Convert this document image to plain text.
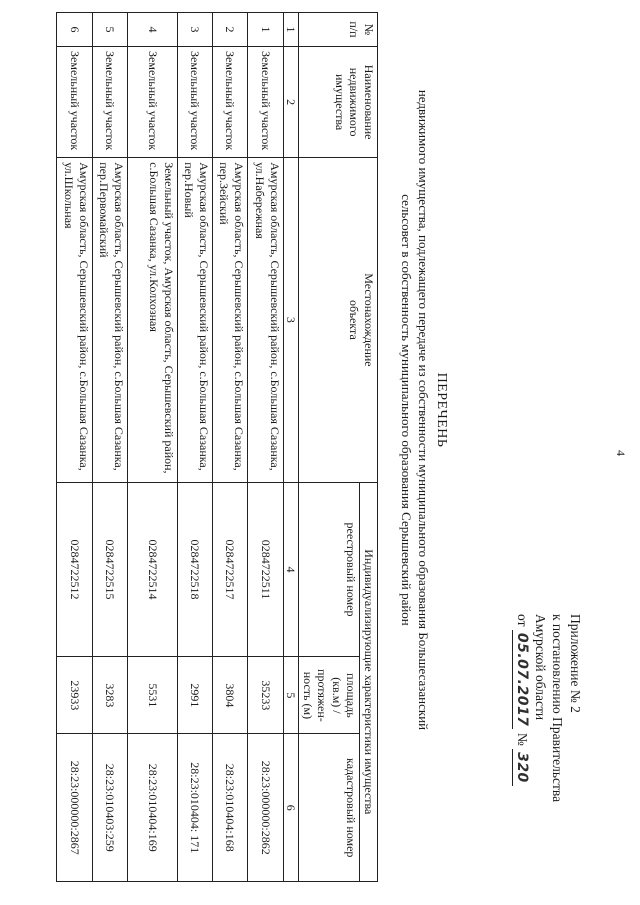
4
Приложение № 2
к постановлению Правительства
Амурской области
от 05.07.2017 № 320
ПЕРЕЧЕНЬ
недвижимого имущества, подлежащего передаче из собственности муниципального образования Большесазанский
сельсовет в собственность муниципального образования Серышевский район
№
п/п	Наименование
недвижимого
имущества	Местонахождение
объекта	Индивидуализирующие характеристики имущества		
			реестровый номер	площадь
(кв.м) /
протяжен-
ность (м)	кадастровый номер
1	2	3	4	5	6
1	Земельный участок	Амурская область, Серышевский район, с.Большая Сазанка, ул.Набережная	0284722511	35233	28:23:000000:2862
2	Земельный участок	Амурская область, Серышевский район, с.Большая Сазанка, пер.Зейский	0284722517	3804	28:23:010404:168
3	Земельный участок	Амурская область, Серышевский район, с.Большая Сазанка, пер.Новый	0284722518	2991	28:23:010404: 171
4	Земельный участок	Земельный участок, Амурская область, Серышевский район, с.Большая Сазанка, ул.Колхозная	0284722514	5531	28:23:010404:169
5	Земельный участок	Амурская область, Серышевский район, с.Большая Сазанка, пер.Первомайский	0284722515	3283	28:23:010403:259
6	Земельный участок	Амурская область, Серышевский район, с.Большая Сазанка, ул.Школьная	0284722512	23933	28:23:000000:2867
